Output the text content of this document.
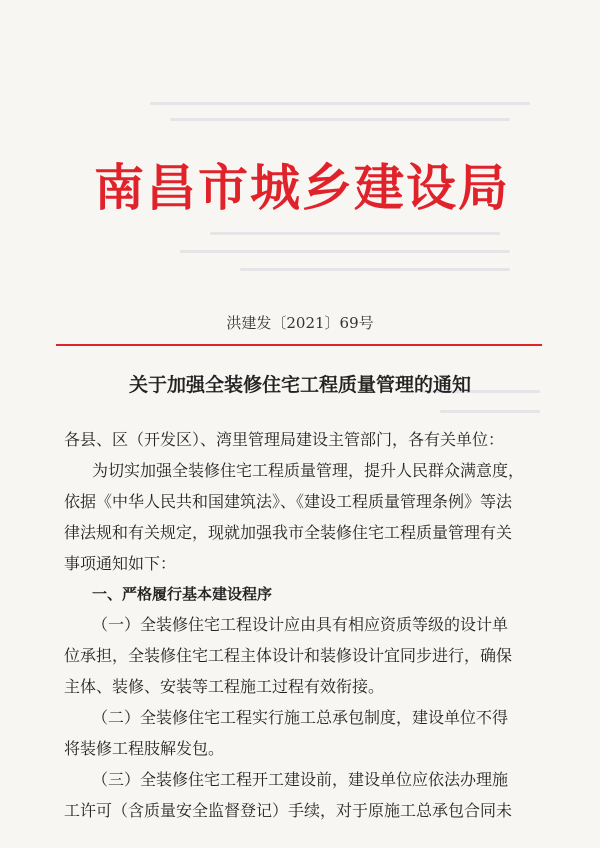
南昌市城乡建设局
洪建发〔2021〕69号
关于加强全装修住宅工程质量管理的通知
各县、区（开发区）、湾里管理局建设主管部门，各有关单位：
为切实加强全装修住宅工程质量管理，提升人民群众满意度，
依据《中华人民共和国建筑法》、《建设工程质量管理条例》等法
律法规和有关规定，现就加强我市全装修住宅工程质量管理有关
事项通知如下：
一、严格履行基本建设程序
（一）全装修住宅工程设计应由具有相应资质等级的设计单
位承担，全装修住宅工程主体设计和装修设计宜同步进行，确保
主体、装修、安装等工程施工过程有效衔接。
（二）全装修住宅工程实行施工总承包制度，建设单位不得
将装修工程肢解发包。
（三）全装修住宅工程开工建设前，建设单位应依法办理施
工许可（含质量安全监督登记）手续，对于原施工总承包合同未
